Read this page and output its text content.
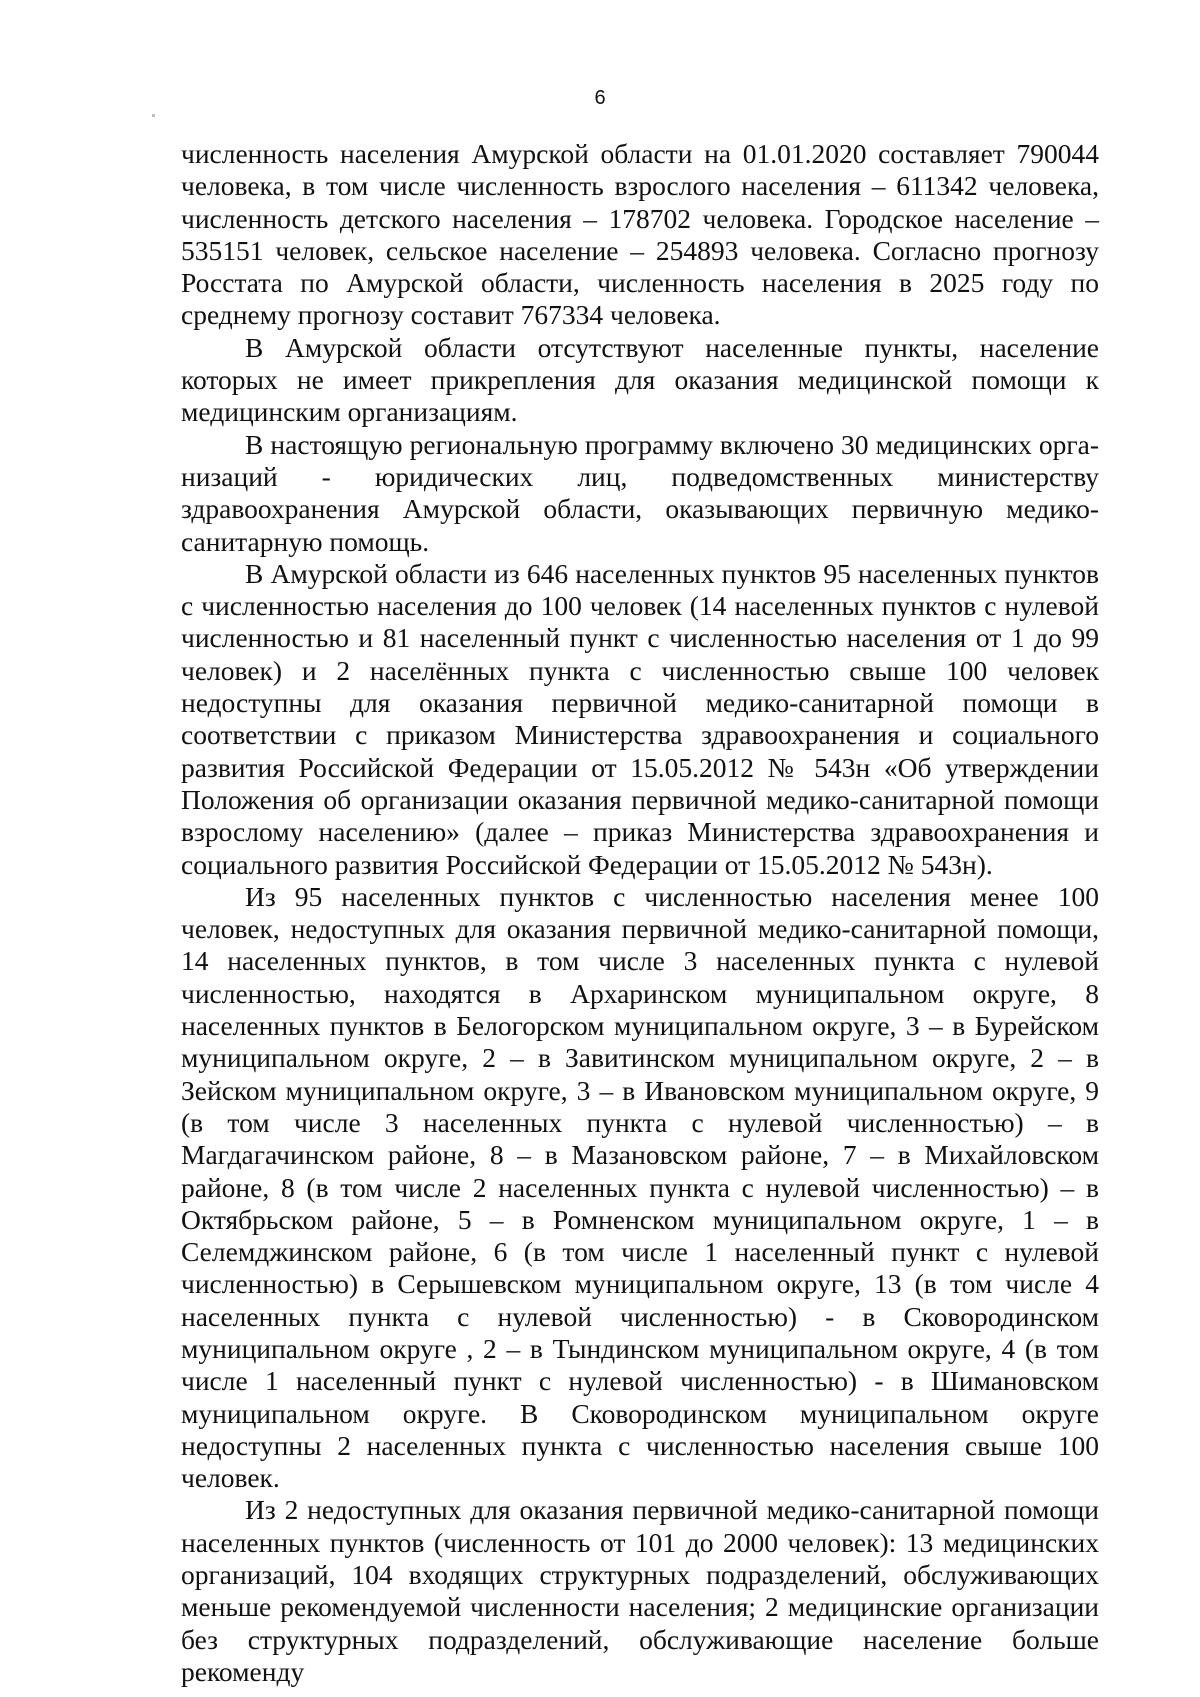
6

численность населения Амурской области на 01.01.2020 составляет 790044 человека, в том числе численность взрослого населения – 611342 человека, численность детского населения – 178702 человека. Городское население – 535151 человек, сельское население – 254893 человека. Согласно прогнозу Росстата по Амурской области, численность населения в 2025 году по среднему прогнозу составит 767334 человека.

В Амурской области отсутствуют населенные пункты, население которых не имеет прикрепления для оказания медицинской помощи к медицинским организациям.

В настоящую региональную программу включено 30 медицинских организаций - юридических лиц, подведомственных министерству здравоохранения Амурской области, оказывающих первичную медико-санитарную помощь.

В Амурской области из 646 населенных пунктов 95 населенных пунктов с численностью населения до 100 человек (14 населенных пунктов с нулевой численностью и 81 населенный пункт с численностью населения от 1 до 99 человек) и 2 населённых пункта с численностью свыше 100 человек недоступны для оказания первичной медико-санитарной помощи в соответствии с приказом Министерства здравоохранения и социального развития Российской Федерации от 15.05.2012 № 543н «Об утверждении Положения об организации оказания первичной медико-санитарной помощи взрослому населению» (далее – приказ Министерства здравоохранения и социального развития Российской Федерации от 15.05.2012 № 543н).

Из 95 населенных пунктов с численностью населения менее 100 человек, недоступных для оказания первичной медико-санитарной помощи, 14 населенных пунктов, в том числе 3 населенных пункта с нулевой численностью, находятся в Архаринском муниципальном округе, 8 населенных пунктов в Белогорском муниципальном округе, 3 – в Бурейском муниципальном округе, 2 – в Завитинском муниципальном округе, 2 – в Зейском муниципальном округе, 3 – в Ивановском муниципальном округе, 9 (в том числе 3 населенных пункта с нулевой численностью) – в Магдагачинском районе, 8 – в Мазановском районе, 7 – в Михайловском районе, 8 (в том числе 2 населенных пункта с нулевой численностью) – в Октябрьском районе, 5 – в Ромненском муниципальном округе, 1 – в Селемджинском районе, 6 (в том числе 1 населенный пункт с нулевой численностью) в Серышевском муниципальном округе, 13 (в том числе 4 населенных пункта с нулевой численностью) - в Сковородинском муниципальном округе , 2 – в Тындинском муниципальном округе, 4 (в том числе 1 населенный пункт с нулевой численностью) - в Шимановском муниципальном округе. В Сковородинском муниципальном округе недоступны 2 населенных пункта с численностью населения свыше 100 человек.

Из 2 недоступных для оказания первичной медико-санитарной помощи населенных пунктов (численность от 101 до 2000 человек): 13 медицинских организаций, 104 входящих структурных подразделений, обслуживающих меньше рекомендуемой численности населения; 2 медицинские организации без структурных подразделений, обслуживающие население больше рекоменду
